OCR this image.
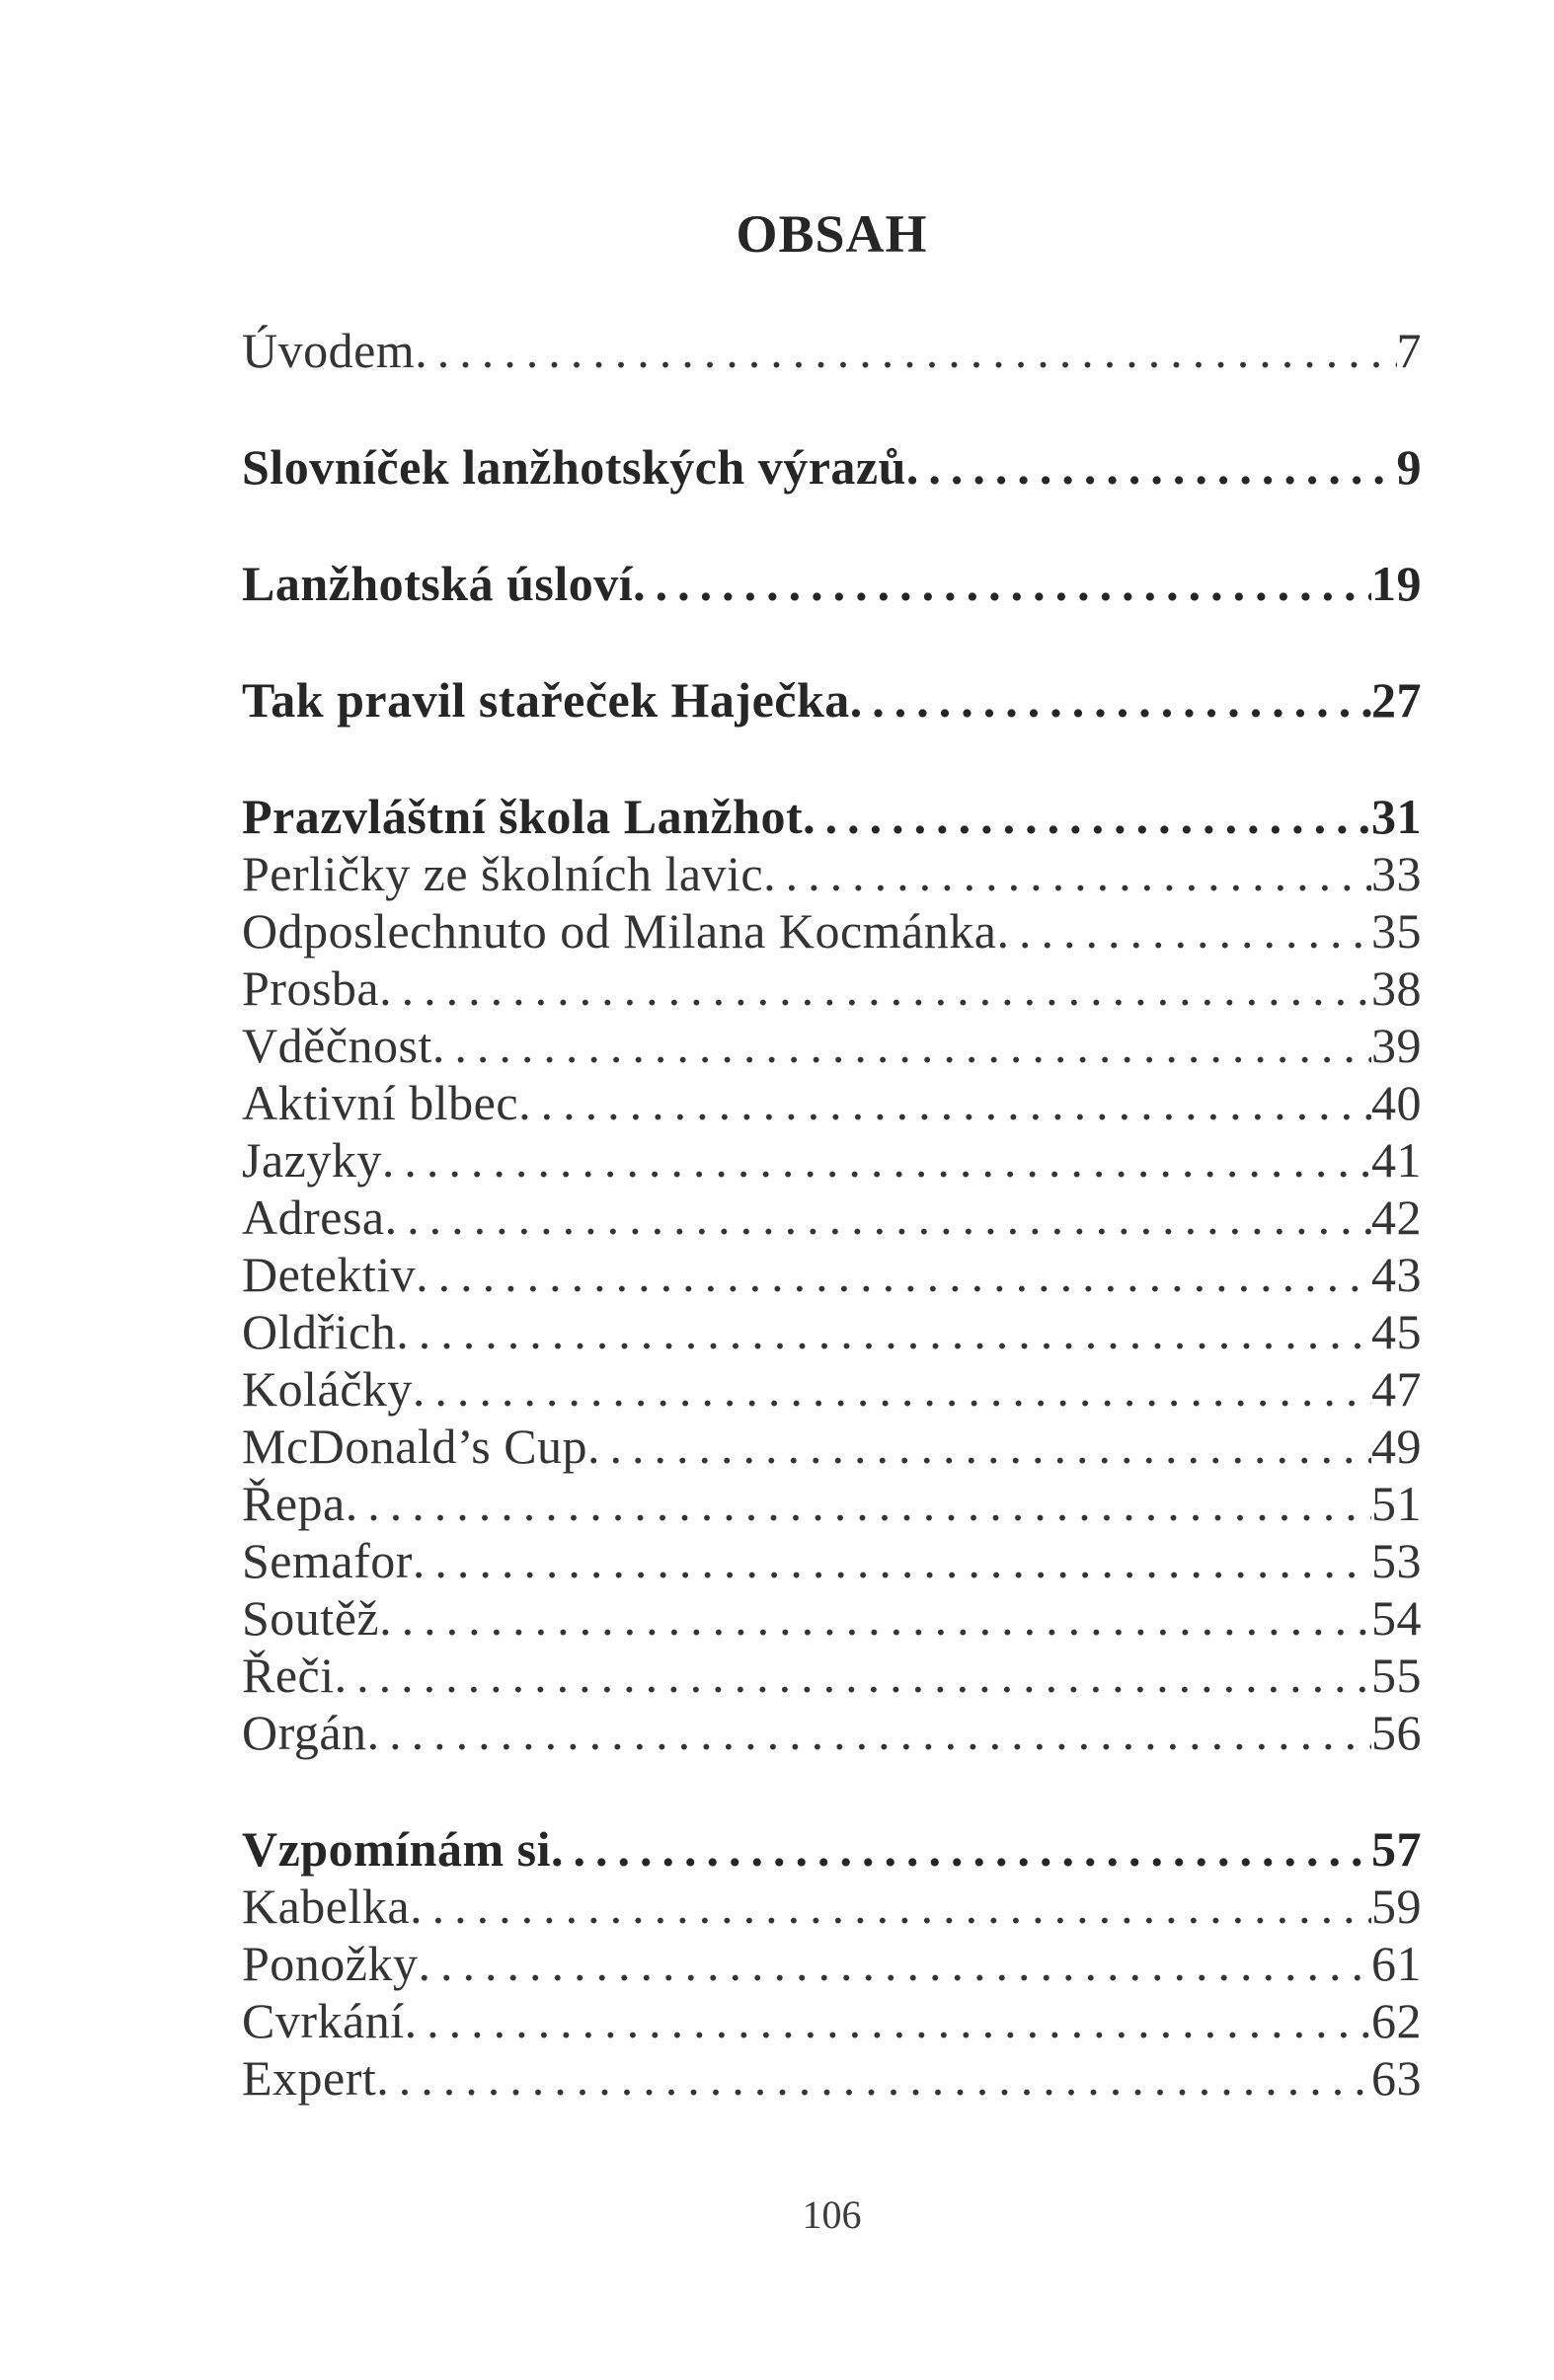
OBSAH
Úvodem .....	7
Slovníček lanžhotských výrazů .....	9
Lanžhotská úsloví .....	19
Tak pravil stařeček Haječka .....	27
Prazvláštní škola Lanžhot .....	31
Perličky ze školních lavic .....	33
Odposlechnuto od Milana Kocmánka .....	35
Prosba .....	38
Vděčnost .....	39
Aktivní blbec .....	40
Jazyky .....	41
Adresa .....	42
Detektiv .....	43
Oldřich .....	45
Koláčky .....	47
McDonald’s Cup .....	49
Řepa .....	51
Semafor .....	53
Soutěž .....	54
Řeči .....	55
Orgán .....	56
Vzpomínám si .....	57
Kabelka .....	59
Ponožky .....	61
Cvrkání .....	62
Expert .....	63
106
